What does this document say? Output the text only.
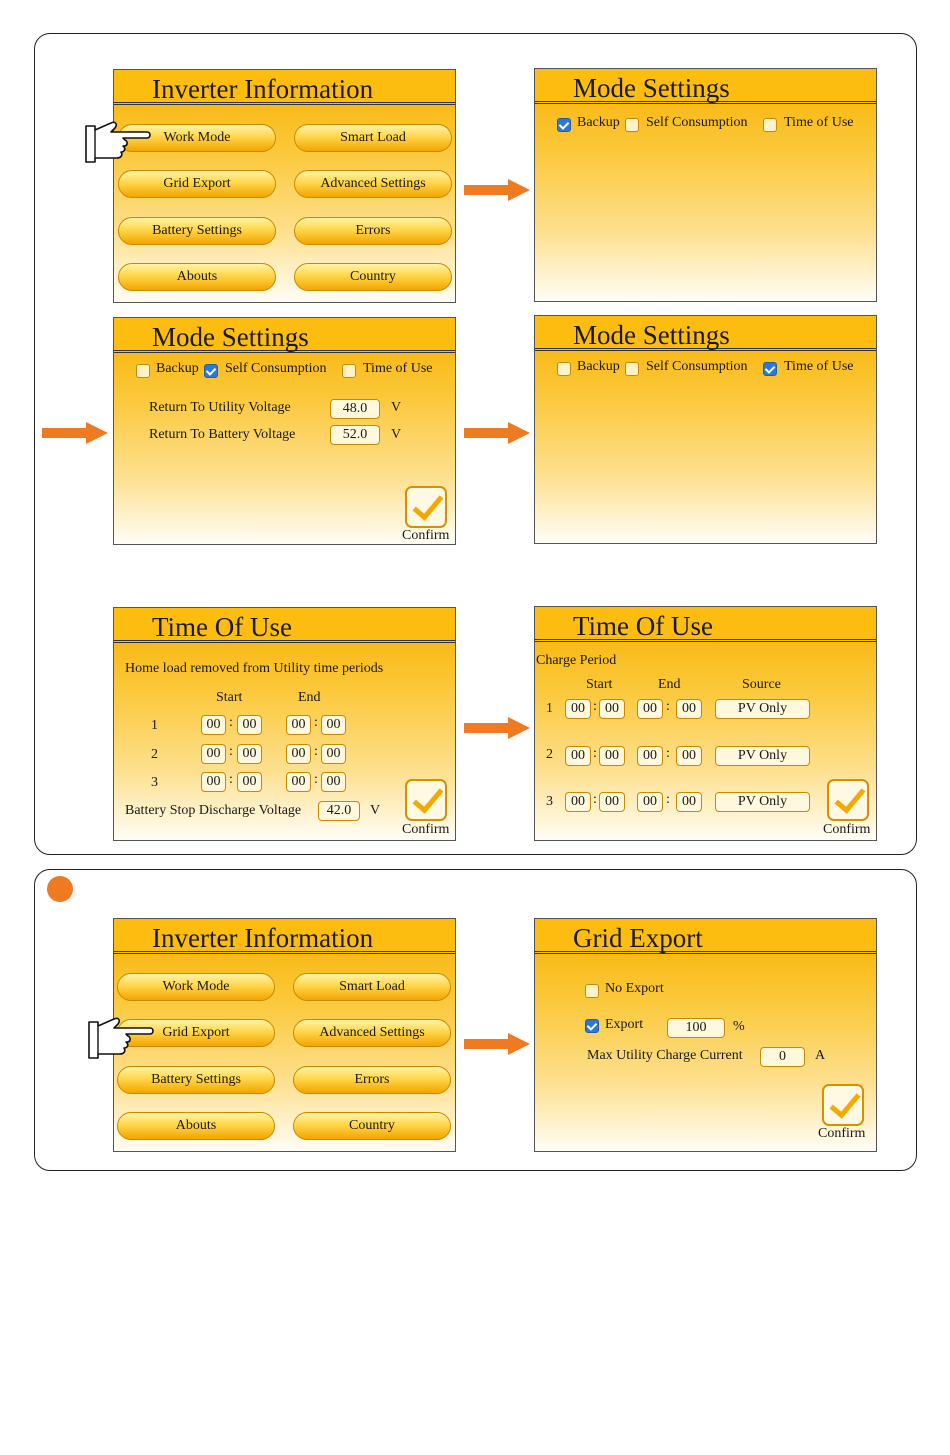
Inverter Information
Work Mode	Smart Load
Grid Export	Advanced Settings
Battery Settings	Errors
Abouts	Country
Mode Settings
Backup Self Consumption	Time of Use
Mode Settings
Backup Self Consumption	Time of Use
Return To Utility Voltage	48.0	V
Return To Battery Voltage	52.0	V
Confirm
Mode Settings
Backup Self Consumption	Time of Use
Time Of Use
Home load removed from Utility time periods
Start	End
1	00 : 00	00 : 00
2	00 : 00	00 : 00
3	00 : 00	00 : 00
Battery Stop Discharge Voltage	42.0	V
Confirm
Time Of Use
Charge Period
Start	End	Source
1	00 : 00	00 : 00	PV Only
2	00 : 00	00 : 00	PV Only
3	00 : 00	00 : 00	PV Only
Confirm
Inverter Information
Work Mode	Smart Load
Grid Export	Advanced Settings
Battery Settings	Errors
Abouts	Country
Grid Export
No Export
Export	100	%
Max Utility Charge Current	0	A
Confirm
